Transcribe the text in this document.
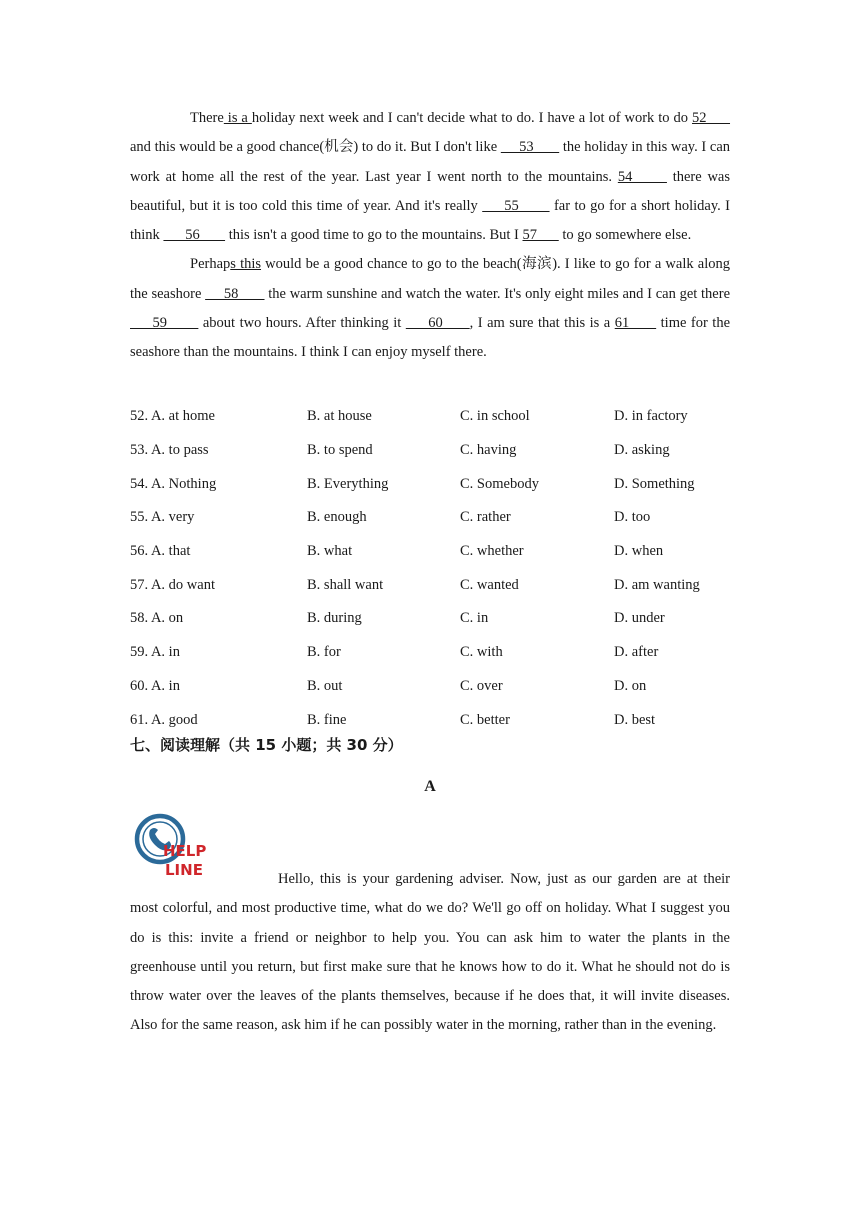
There is a holiday next week and I can't decide what to do. I have a lot of work to do 52       and this would be a good chance(机会) to do it. But I don't like      53        the holiday in this way. I can work at home all the rest of the year. Last year I went north to the mountains. 54       there was beautiful, but it is too cold this time of year. And it's really      55        far to go for a short holiday. I think       56        this isn't a good time to go to the mountains. But I 57       to go somewhere else.

Perhaps this would be a good chance to go to the beach(海滨). I like to go for a walk along the seashore      58        the warm sunshine and watch the water. It's only eight miles and I can get there      59        about two hours. After thinking it      60      , I am sure that this is a 61       time for the seashore than the mountains. I think I can enjoy myself there.

52. A. at home	B. at house	C. in school	D. in factory
53. A. to pass	B. to spend	C. having	D. asking
54. A. Nothing	B. Everything	C. Somebody	D. Something
55. A. very	B. enough	C. rather	D. too
56. A. that	B. what	C. whether	D. when
57. A. do want	B. shall want	C. wanted	D. am wanting
58. A. on	B. during	C. in	D. under
59. A. in	B. for	C. with	D. after
60. A. in	B. out	C. over	D. on
61. A. good	B. fine	C. better	D. best
七、阅读理解（共 15 小题；共 30 分）
A
HELP
LINE	Hello, this is your gardening adviser. Now, just as our garden are at their most colorful, and most productive time, what do we do? We'll go off on holiday. What I suggest you do is this: invite a friend or neighbor to help you. You can ask him to water the plants in the greenhouse until you return, but first make sure that he knows how to do it. What he should not do is throw water over the leaves of the plants themselves, because if he does that, it will invite diseases. Also for the same reason, ask him if he can possibly water in the morning, rather than in the evening.
